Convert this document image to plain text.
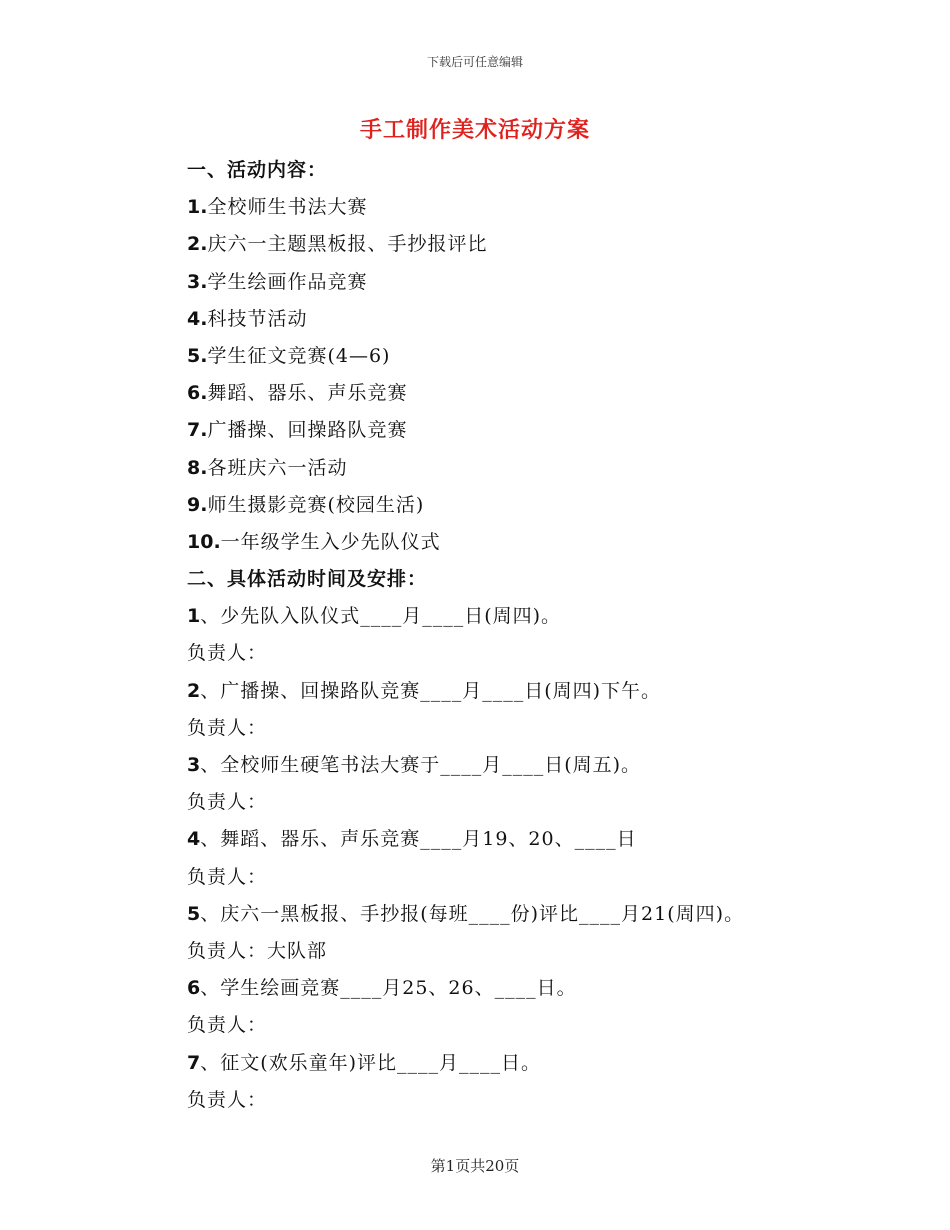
下载后可任意编辑
手工制作美术活动方案
一、活动内容：
1.全校师生书法大赛
2.庆六一主题黑板报、手抄报评比
3.学生绘画作品竞赛
4.科技节活动
5.学生征文竞赛(4—6)
6.舞蹈、器乐、声乐竞赛
7.广播操、回操路队竞赛
8.各班庆六一活动
9.师生摄影竞赛(校园生活)
10.一年级学生入少先队仪式
二、具体活动时间及安排：
1、少先队入队仪式____月____日(周四)。
负责人：
2、广播操、回操路队竞赛____月____日(周四)下午。
负责人：
3、全校师生硬笔书法大赛于____月____日(周五)。
负责人：
4、舞蹈、器乐、声乐竞赛____月19、20、____日
负责人：
5、庆六一黑板报、手抄报(每班____份)评比____月21(周四)。
负责人：大队部
6、学生绘画竞赛____月25、26、____日。
负责人：
7、征文(欢乐童年)评比____月____日。
负责人：
第1页共20页
